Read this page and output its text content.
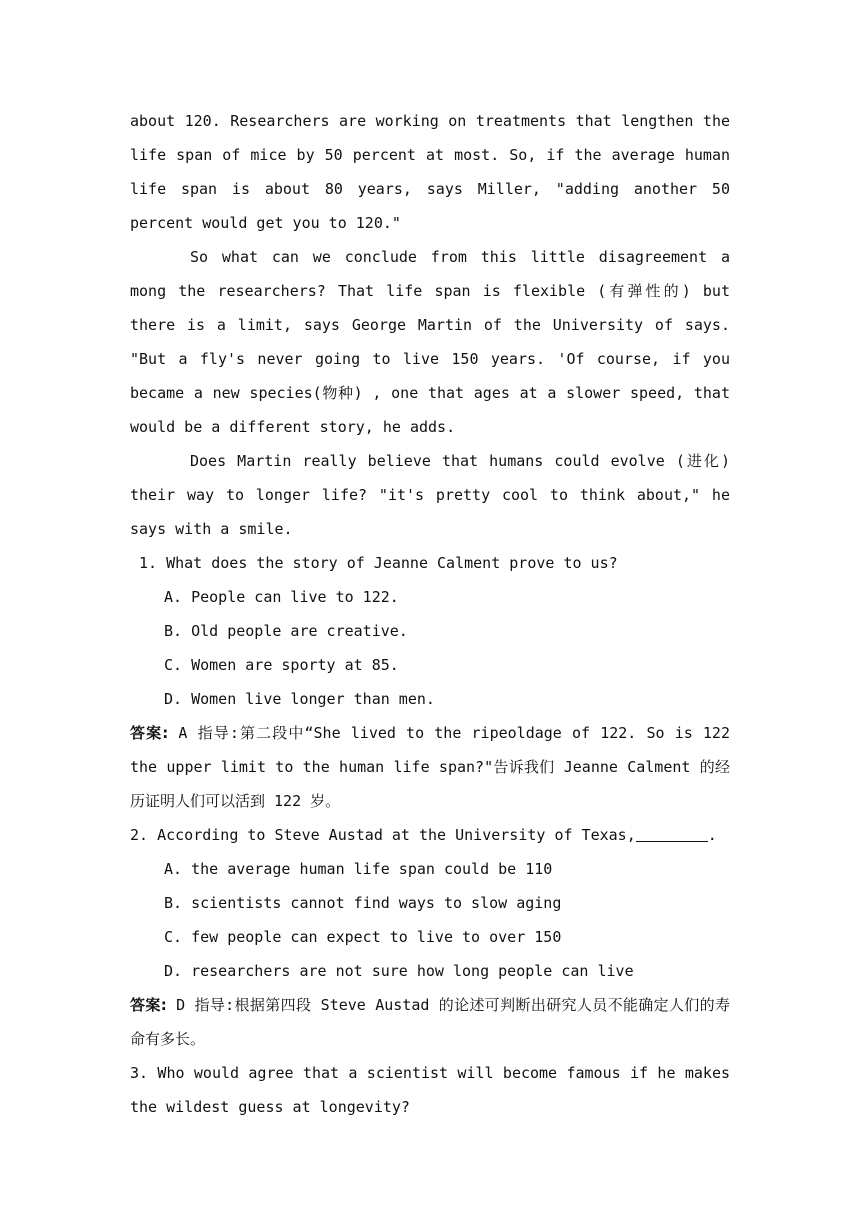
about 120. Researchers are working on treatments that lengthen the life span of mice by 50 percent at most. So, if the average human life span is about 80 years, says Miller, "adding another 50 percent would get you to 120."

So what can we conclude from this little disagreement a mong the researchers? That life span is flexible (有弹性的) but there is a limit, says George Martin of the University of says. "But a fly's never going to live 150 years. 'Of course, if you became a new species(物种) , one that ages at a slower speed, that would be a different story, he adds.

Does Martin really believe that humans could evolve (进化) their way to longer life? "it's pretty cool to think about," he says with a smile.

1. What does the story of Jeanne Calment prove to us?

A. People can live to 122.

B. Old people are creative.

C. Women are sporty at 85.

D. Women live longer than men.

答案: A 指导:第二段中“She lived to the ripeoldage of 122. So is 122 the upper limit to the human life span?"告诉我们 Jeanne Calment 的经历证明人们可以活到 122 岁。

2. According to Steve Austad at the University of Texas,	.

A. the average human life span could be 110

B. scientists cannot find ways to slow aging

C. few people can expect to live to over 150

D. researchers are not sure how long people can live

答案: D 指导:根据第四段 Steve Austad 的论述可判断出研究人员不能确定人们的寿命有多长。

3. Who would agree that a scientist will become famous if he makes the wildest guess at longevity?
